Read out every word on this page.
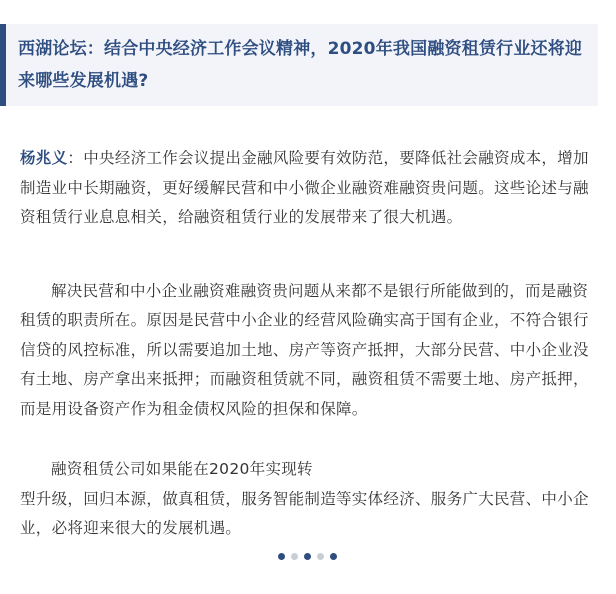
西湖论坛：结合中央经济工作会议精神，2020年我国融资租赁行业还将迎来哪些发展机遇?

杨兆义：中央经济工作会议提出金融风险要有效防范，要降低社会融资成本，增加制造业中长期融资，更好缓解民营和中小微企业融资难融资贵问题。这些论述与融资租赁行业息息相关，给融资租赁行业的发展带来了很大机遇。

解决民营和中小企业融资难融资贵问题从来都不是银行所能做到的，而是融资租赁的职责所在。原因是民营中小企业的经营风险确实高于国有企业，不符合银行信贷的风控标准，所以需要追加土地、房产等资产抵押，大部分民营、中小企业没有土地、房产拿出来抵押；而融资租赁就不同，融资租赁不需要土地、房产抵押，而是用设备资产作为租金债权风险的担保和保障。

融资租赁公司如果能在2020年实现转

型升级，回归本源，做真租赁，服务智能制造等实体经济、服务广大民营、中小企业，必将迎来很大的发展机遇。
